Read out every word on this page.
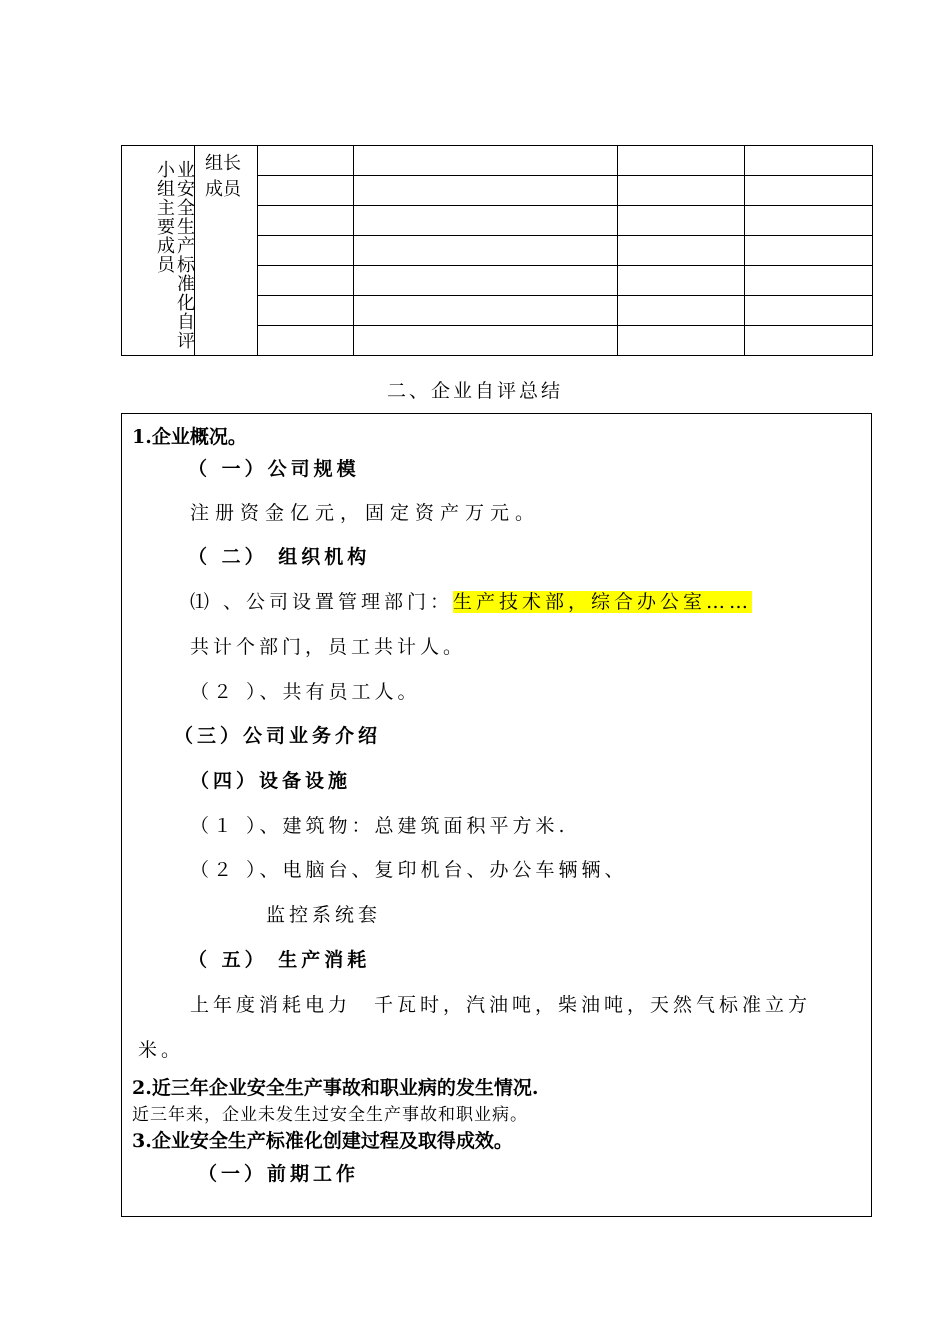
业安全生产标准化自评小组主要成员	组长
成员				

二、企业自评总结
1.企业概况。
（ 一）公司规模
注册资金亿元，固定资产万元。
（ 二） 组织机构
⑴ 、公司设置管理部门：生产技术部，综合办公室……
共计个部门，员工共计人。
（２ ）、共有员工人。
（三）公司业务介绍
（四）设备设施
（１ ）、建筑物：总建筑面积平方米.
（２ ）、电脑台、复印机台、办公车辆辆、
监控系统套
（ 五） 生产消耗
上年度消耗电力　千瓦时，汽油吨，柴油吨，天然气标准立方
米。
2.近三年企业安全生产事故和职业病的发生情况.
近三年来，企业未发生过安全生产事故和职业病。
3.企业安全生产标准化创建过程及取得成效。
（一）前期工作
